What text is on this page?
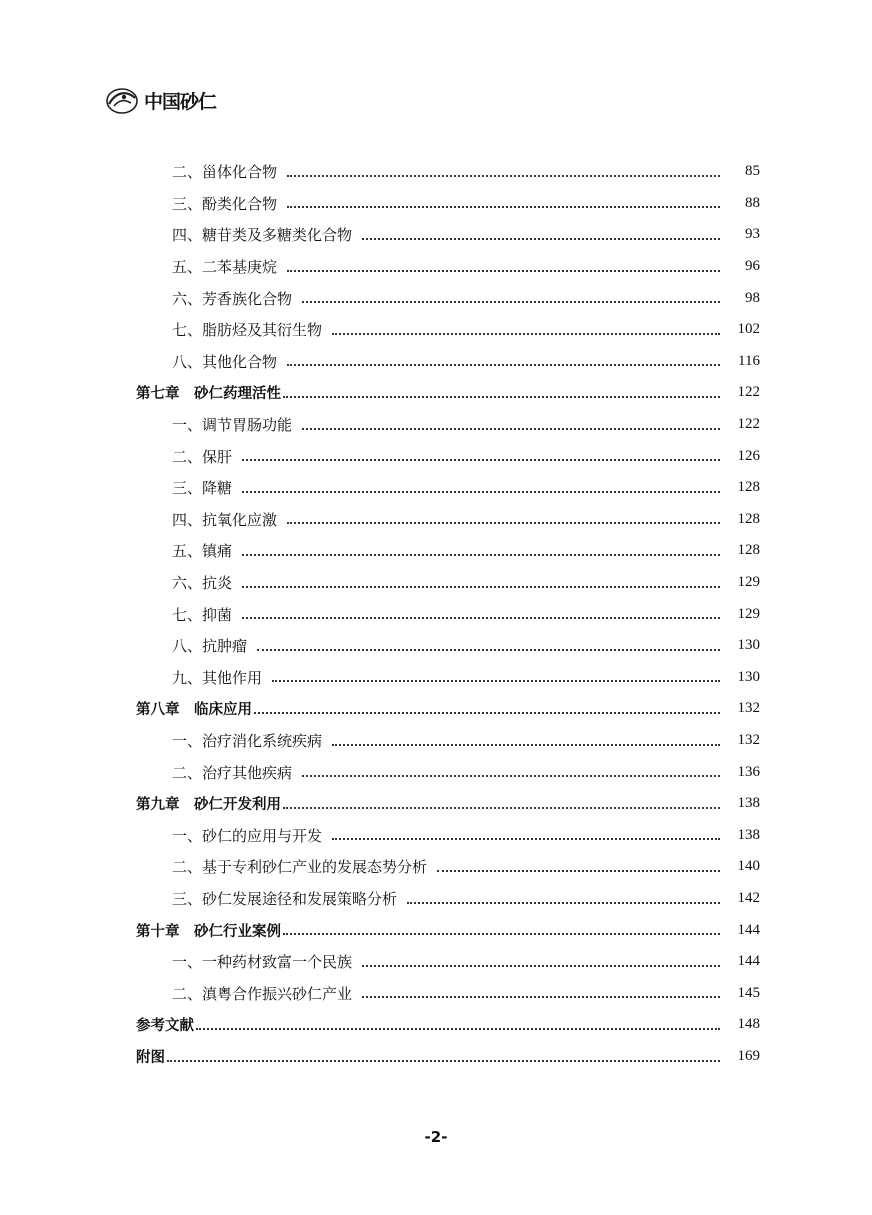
中国砂仁
二、甾体化合物	85
三、酚类化合物	88
四、糖苷类及多糖类化合物	93
五、二苯基庚烷	96
六、芳香族化合物	98
七、脂肪烃及其衍生物	102
八、其他化合物	116
第七章　砂仁药理活性	122
一、调节胃肠功能	122
二、保肝	126
三、降糖	128
四、抗氧化应激	128
五、镇痛	128
六、抗炎	129
七、抑菌	129
八、抗肿瘤	130
九、其他作用	130
第八章　临床应用	132
一、治疗消化系统疾病	132
二、治疗其他疾病	136
第九章　砂仁开发利用	138
一、砂仁的应用与开发	138
二、基于专利砂仁产业的发展态势分析	140
三、砂仁发展途径和发展策略分析	142
第十章　砂仁行业案例	144
一、一种药材致富一个民族	144
二、滇粤合作振兴砂仁产业	145
参考文献	148
附图	169
-2-
